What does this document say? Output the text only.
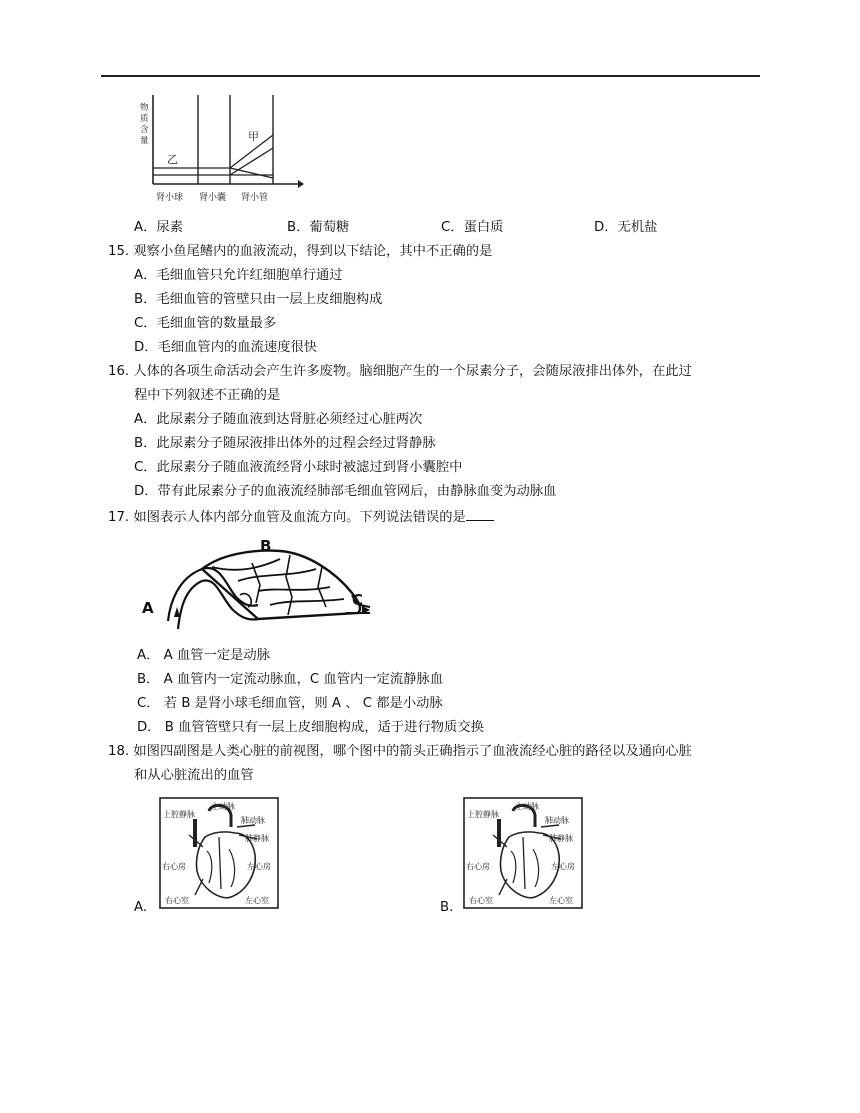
物
质
含
量
乙
甲
肾小球 肾小囊 肾小管
A．尿素	B．葡萄糖	C．蛋白质	D．无机盐
15. 观察小鱼尾鳍内的血液流动，得到以下结论，其中不正确的是
A．毛细血管只允许红细胞单行通过
B．毛细血管的管壁只由一层上皮细胞构成
C．毛细血管的数量最多
D．毛细血管内的血流速度很快
16. 人体的各项生命活动会产生许多废物。脑细胞产生的一个尿素分子，会随尿液排出体外，在此过
程中下列叙述不正确的是
A．此尿素分子随血液到达肾脏必须经过心脏两次
B．此尿素分子随尿液排出体外的过程会经过肾静脉
C．此尿素分子随血液流经肾小球时被滤过到肾小囊腔中
D．带有此尿素分子的血液流经肺部毛细血管网后，由静脉血变为动脉血
17. 如图表示人体内部分血管及血流方向。下列说法错误的是
A
B
C
A． A 血管一定是动脉
B． A 血管内一定流动脉血，C 血管内一定流静脉血
C． 若 B 是肾小球毛细血管，则 A 、 C 都是小动脉
D． B 血管管壁只有一层上皮细胞构成，适于进行物质交换
18. 如图四副图是人类心脏的前视图，哪个图中的箭头正确指示了血液流经心脏的路径以及通向心脏
和从心脏流出的血管
主动脉
上腔静脉
肺动脉
肺静脉
右心房	左心房
右心室	左心室
A.
主动脉
上腔静脉
肺动脉
肺静脉
右心房	左心房
右心室	左心室
B.
